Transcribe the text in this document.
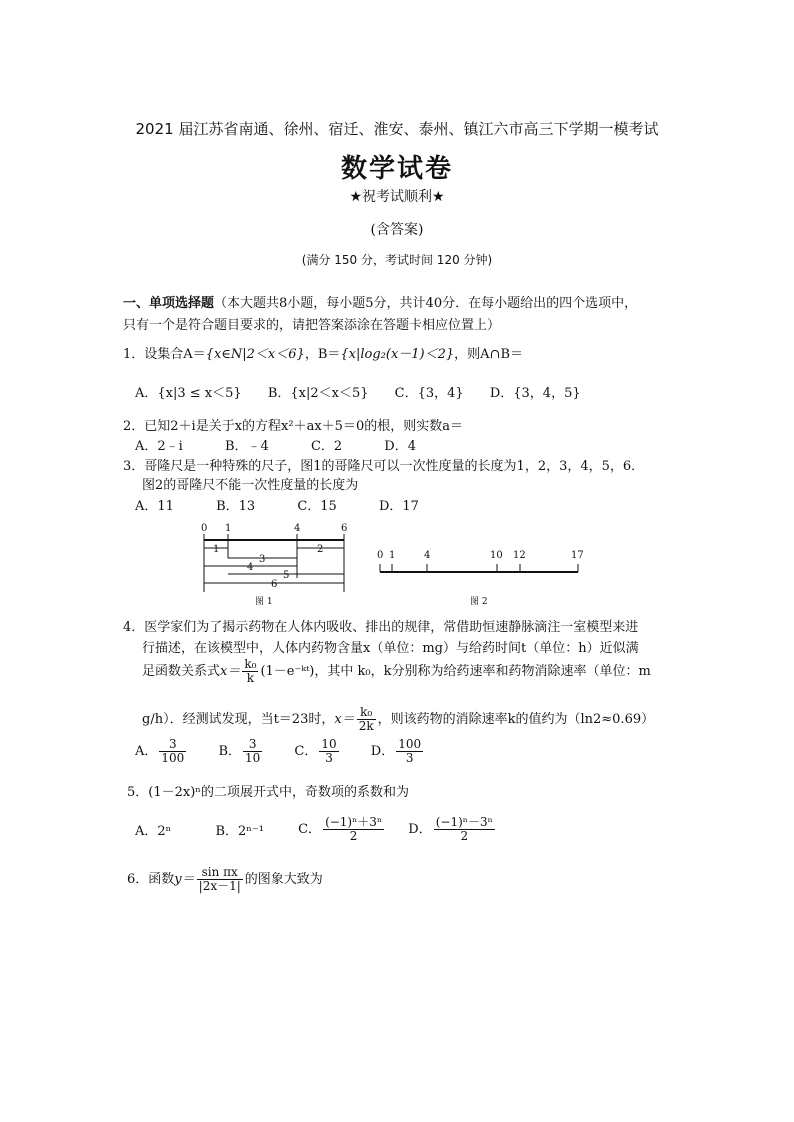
2021 届江苏省南通、徐州、宿迁、淮安、泰州、镇江六市高三下学期一模考试
数学试卷
★祝考试顺利★
(含答案)
(满分 150 分，考试时间 120 分钟)
一、单项选择题（本大题共8小题，每小题5分，共计40分．在每小题给出的四个选项中，
只有一个是符合题目要求的，请把答案添涂在答题卡相应位置上）
1．设集合A＝{x∈N|2＜x＜6}，B＝{x|log₂(x－1)＜2}，则A∩B＝
A．{x|3 ≤ x＜5} B．{x|2＜x＜5} C．{3，4} D．{3，4，5}
2．已知2＋i是关于x的方程x²＋ax＋5＝0的根，则实数a＝
A．2﹣i	B．﹣4	C．2	D．4
3．哥隆尺是一种特殊的尺子，图1的哥隆尺可以一次性度量的长度为1，2，3，4，5，6．
图2的哥隆尺不能一次性度量的长度为
A．11	B．13	C．15	D．17
0 1	4	6
1
3
2
4
5
6
图 1
0 1	4	10 12	17
图 2
4．医学家们为了揭示药物在人体内吸收、排出的规律，常借助恒速静脉滴注一室模型来进
行描述，在该模型中，人体内药物含量x（单位：mg）与给药时间t（单位：h）近似满
足函数关系式$x= \frac{\text{k₀}}{k}$ (1－e⁻ᵏᵗ)，其中 k₀，k分别称为给药速率和药物消除速率（单位：m
g/h）．经测试发现，当t＝23时，$x= \frac{\text{k₀}}{2k}$ ，则该药物的消除速率k的值约为（ln2≈0.69）
A． $\frac{3}{100}$ B． $\frac{3}{10}$ C． $\frac{10}{3}$ D． $\frac{100}{3}$
5．(1－2x)ⁿ的二项展开式中，奇数项的系数和为
A．2ⁿ	B．2ⁿ⁻¹	C． $\frac{\text{(−1)ⁿ＋3ⁿ}}{2}$ D． $\frac{\text{(−1)ⁿ－3ⁿ}}{2}$
6．函数$y= \frac{\text{sin πx}}{|2x-1|}$ 的图象大致为
